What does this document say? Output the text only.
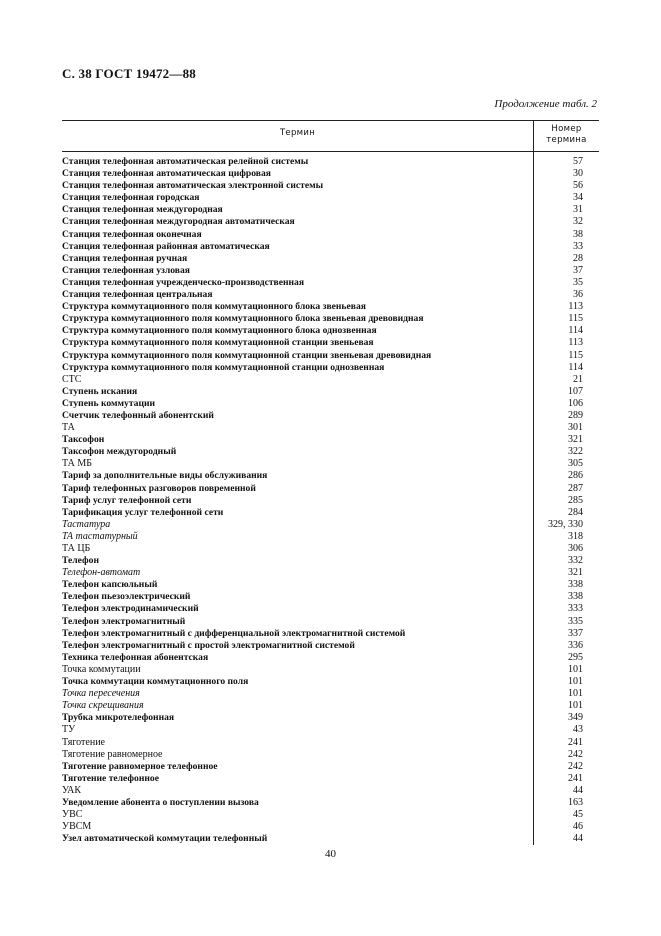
С. 38 ГОСТ 19472—88
Продолжение табл. 2
Термин	Номер
термина
Станция телефонная автоматическая релейной системы	57
Станция телефонная автоматическая цифровая	30
Станция телефонная автоматическая электронной системы	56
Станция телефонная городская	34
Станция телефонная междугородная	31
Станция телефонная междугородная автоматическая	32
Станция телефонная оконечная	38
Станция телефонная районная автоматическая	33
Станция телефонная ручная	28
Станция телефонная узловая	37
Станция телефонная учрежденческо-производственная	35
Станция телефонная центральная	36
Структура коммутационного поля коммутационного блока звеньевая	113
Структура коммутационного поля коммутационного блока звеньевая древовидная	115
Структура коммутационного поля коммутационного блока однозвенная	114
Структура коммутационного поля коммутационной станции звеньевая	113
Структура коммутационного поля коммутационной станции звеньевая древовидная	115
Структура коммутационного поля коммутационной станции однозвенная	114
СТС	21
Ступень искания	107
Ступень коммутации	106
Счетчик телефонный абонентский	289
ТА	301
Таксофон	321
Таксофон междугородный	322
ТА МБ	305
Тариф за дополнительные виды обслуживания	286
Тариф телефонных разговоров повременной	287
Тариф услуг телефонной сети	285
Тарификация услуг телефонной сети	284
Тастатура	329, 330
ТА тастатурный	318
ТА ЦБ	306
Телефон	332
Телефон-автомат	321
Телефон капсюльный	338
Телефон пьезоэлектрический	338
Телефон электродинамический	333
Телефон электромагнитный	335
Телефон электромагнитный с дифференциальной электромагнитной системой	337
Телефон электромагнитный с простой электромагнитной системой	336
Техника телефонная абонентская	295
Точка коммутации	101
Точка коммутации коммутационного поля	101
Точка пересечения	101
Точка скрещивания	101
Трубка микротелефонная	349
ТУ	43
Тяготение	241
Тяготение равномерное	242
Тяготение равномерное телефонное	242
Тяготение телефонное	241
УАК	44
Уведомление абонента о поступлении вызова	163
УВС	45
УВСМ	46
Узел автоматической коммутации телефонный	44
40
